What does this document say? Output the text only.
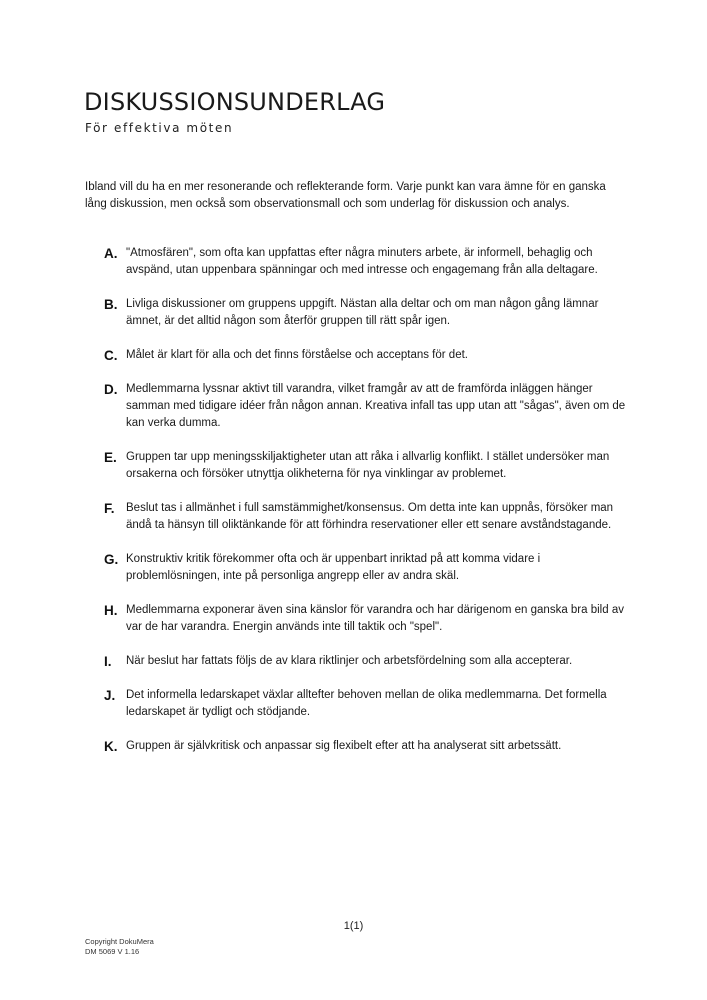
DISKUSSIONSUNDERLAG

För effektiva möten

Ibland vill du ha en mer resonerande och reflekterande form. Varje punkt kan vara ämne för en ganska lång diskussion, men också som observationsmall och som underlag för diskussion och analys.

A. "Atmosfären", som ofta kan uppfattas efter några minuters arbete, är informell, behaglig och avspänd, utan uppenbara spänningar och med intresse och engagemang från alla deltagare.
B. Livliga diskussioner om gruppens uppgift. Nästan alla deltar och om man någon gång lämnar ämnet, är det alltid någon som återför gruppen till rätt spår igen.
C. Målet är klart för alla och det finns förståelse och acceptans för det.
D. Medlemmarna lyssnar aktivt till varandra, vilket framgår av att de framförda inläggen hänger samman med tidigare idéer från någon annan. Kreativa infall tas upp utan att "sågas", även om de kan verka dumma.
E. Gruppen tar upp meningsskiljaktigheter utan att råka i allvarlig konflikt. I stället undersöker man orsakerna och försöker utnyttja olikheterna för nya vinklingar av problemet.
F. Beslut tas i allmänhet i full samstämmighet/konsensus. Om detta inte kan uppnås, försöker man ändå ta hänsyn till oliktänkande för att förhindra reservationer eller ett senare avståndstagande.
G. Konstruktiv kritik förekommer ofta och är uppenbart inriktad på att komma vidare i problemlösningen, inte på personliga angrepp eller av andra skäl.
H. Medlemmarna exponerar även sina känslor för varandra och har därigenom en ganska bra bild av var de har varandra. Energin används inte till taktik och "spel".
I. När beslut har fattats följs de av klara riktlinjer och arbetsfördelning som alla accepterar.
J. Det informella ledarskapet växlar alltefter behoven mellan de olika medlemmarna. Det formella ledarskapet är tydligt och stödjande.
K. Gruppen är självkritisk och anpassar sig flexibelt efter att ha analyserat sitt arbetssätt.
1(1)
Copyright DokuMera
DM 5069 V 1.16
